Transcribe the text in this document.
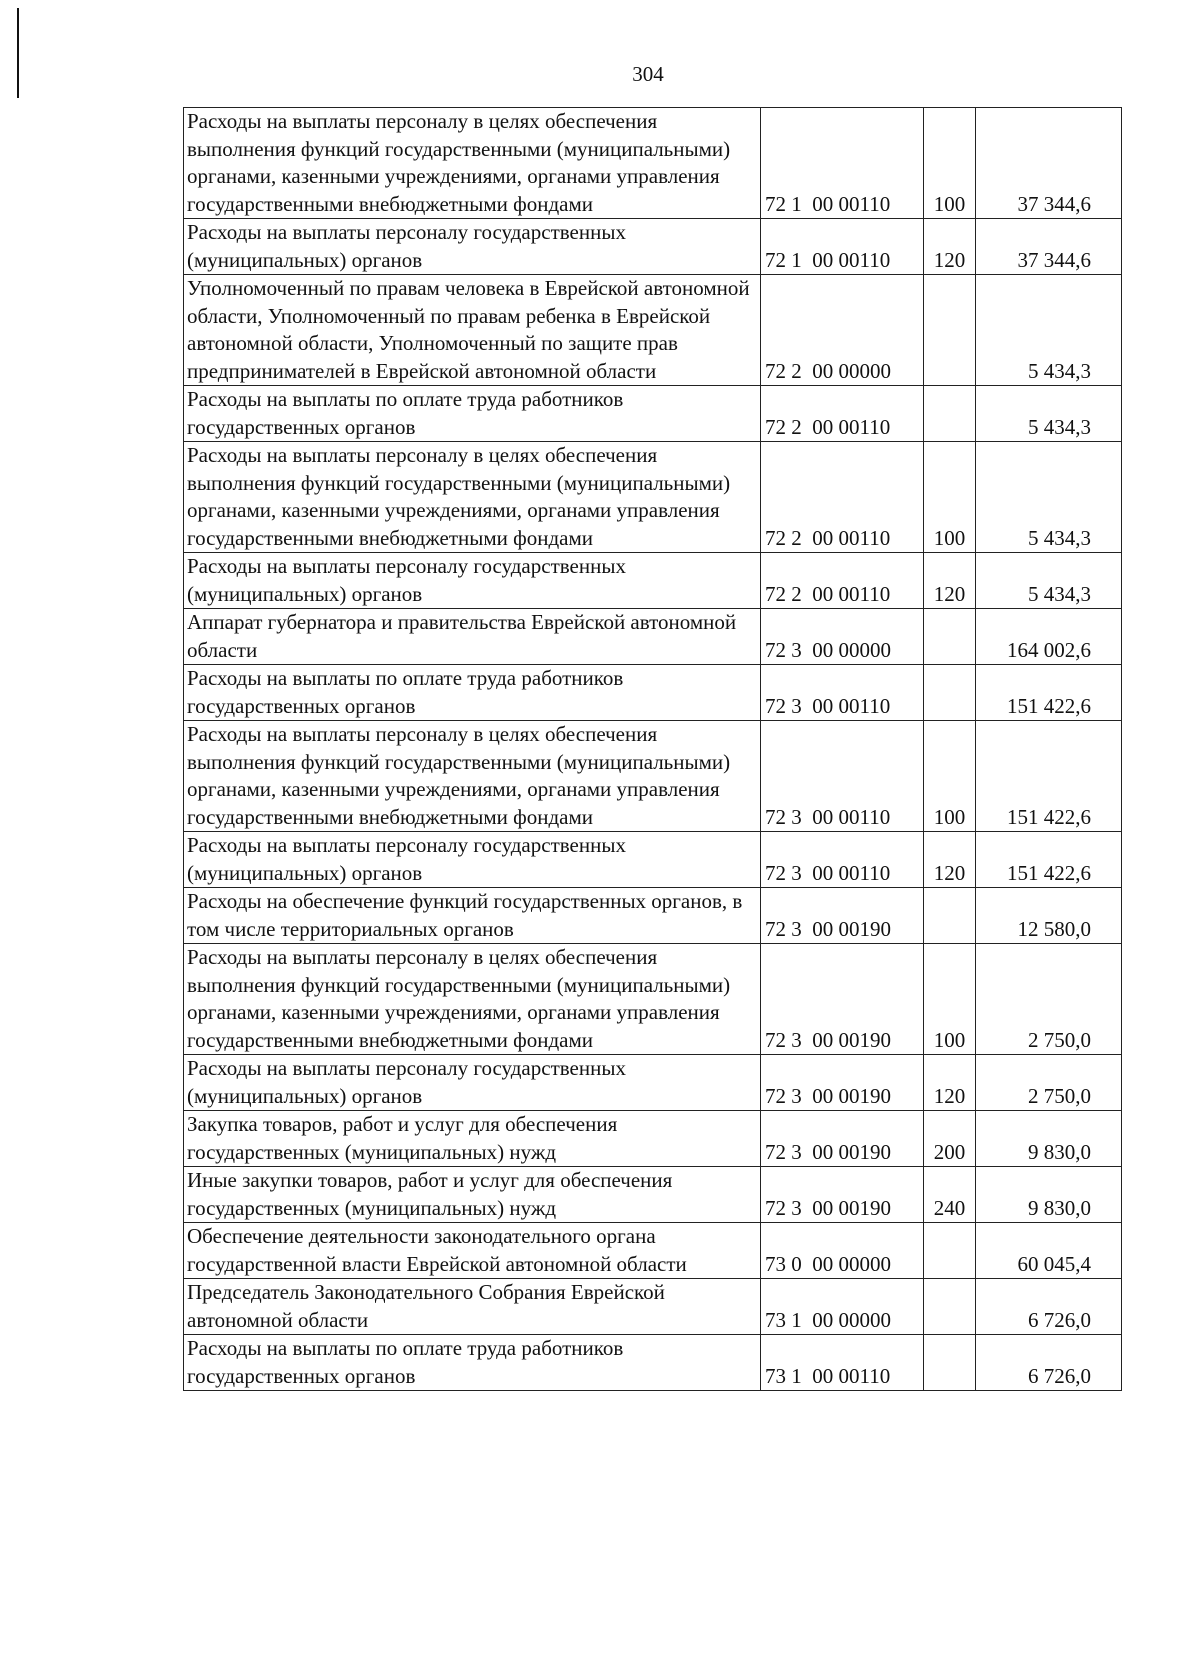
304
Расходы на выплаты персоналу в целях обеспечения выполнения функций государственными (муниципальными) органами, казенными учреждениями, органами управления государственными внебюджетными фондами	72 1  00 00110	100	37 344,6
Расходы на выплаты персоналу государственных (муниципальных) органов	72 1  00 00110	120	37 344,6
Уполномоченный по правам человека в Еврейской автономной области, Уполномоченный по правам ребенка в Еврейской автономной области, Уполномоченный по защите прав предпринимателей в Еврейской автономной области	72 2  00 00000		5 434,3
Расходы на выплаты по оплате труда работников государственных органов	72 2  00 00110		5 434,3
Расходы на выплаты персоналу в целях обеспечения выполнения функций государственными (муниципальными) органами, казенными учреждениями, органами управления государственными внебюджетными фондами	72 2  00 00110	100	5 434,3
Расходы на выплаты персоналу государственных (муниципальных) органов	72 2  00 00110	120	5 434,3
Аппарат губернатора и правительства Еврейской автономной области	72 3  00 00000		164 002,6
Расходы на выплаты по оплате труда работников государственных органов	72 3  00 00110		151 422,6
Расходы на выплаты персоналу в целях обеспечения выполнения функций государственными (муниципальными) органами, казенными учреждениями, органами управления государственными внебюджетными фондами	72 3  00 00110	100	151 422,6
Расходы на выплаты персоналу государственных (муниципальных) органов	72 3  00 00110	120	151 422,6
Расходы на обеспечение функций государственных органов, в том числе территориальных органов	72 3  00 00190		12 580,0
Расходы на выплаты персоналу в целях обеспечения выполнения функций государственными (муниципальными) органами, казенными учреждениями, органами управления государственными внебюджетными фондами	72 3  00 00190	100	2 750,0
Расходы на выплаты персоналу государственных (муниципальных) органов	72 3  00 00190	120	2 750,0
Закупка товаров, работ и услуг для обеспечения государственных (муниципальных) нужд	72 3  00 00190	200	9 830,0
Иные закупки товаров, работ и услуг для обеспечения государственных (муниципальных) нужд	72 3  00 00190	240	9 830,0
Обеспечение деятельности законодательного органа государственной власти Еврейской автономной области	73 0  00 00000		60 045,4
Председатель Законодательного Собрания Еврейской автономной области	73 1  00 00000		6 726,0
Расходы на выплаты по оплате труда работников государственных органов	73 1  00 00110		6 726,0
